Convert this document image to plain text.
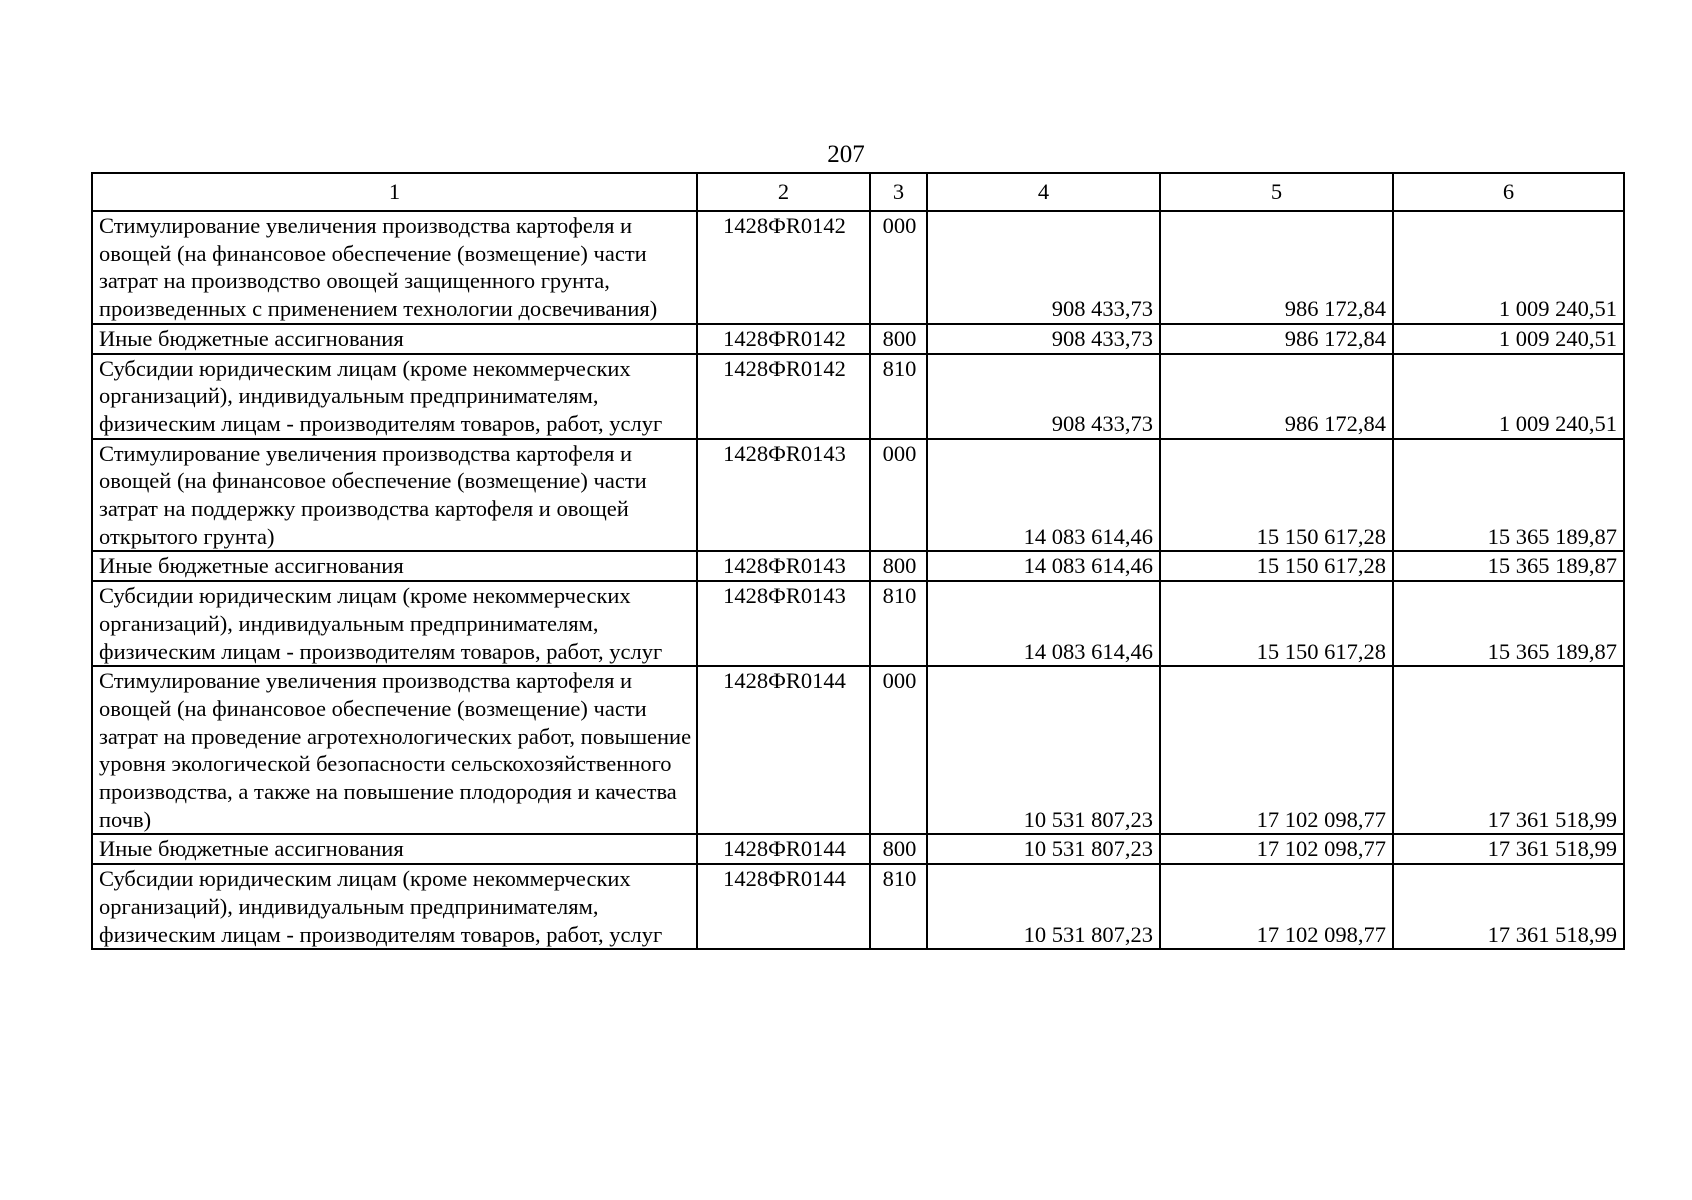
207
1	2	3	4	5	6
Стимулирование увеличения производства картофеля и овощей (на финансовое обеспечение (возмещение) части затрат на производство овощей защищенного грунта, произведенных с применением технологии досвечивания)	1428ФR0142	000	908 433,73	986 172,84	1 009 240,51
Иные бюджетные ассигнования	1428ФR0142	800	908 433,73	986 172,84	1 009 240,51
Субсидии юридическим лицам (кроме некоммерческих организаций), индивидуальным предпринимателям, физическим лицам - производителям товаров, работ, услуг	1428ФR0142	810	908 433,73	986 172,84	1 009 240,51
Стимулирование увеличения производства картофеля и овощей (на финансовое обеспечение (возмещение) части затрат на поддержку производства картофеля и овощей открытого грунта)	1428ФR0143	000	14 083 614,46	15 150 617,28	15 365 189,87
Иные бюджетные ассигнования	1428ФR0143	800	14 083 614,46	15 150 617,28	15 365 189,87
Субсидии юридическим лицам (кроме некоммерческих организаций), индивидуальным предпринимателям, физическим лицам - производителям товаров, работ, услуг	1428ФR0143	810	14 083 614,46	15 150 617,28	15 365 189,87
Стимулирование увеличения производства картофеля и овощей (на финансовое обеспечение (возмещение) части затрат на проведение агротехнологических работ, повышение уровня экологической безопасности сельскохозяйственного производства, а также на повышение плодородия и качества почв)	1428ФR0144	000	10 531 807,23	17 102 098,77	17 361 518,99
Иные бюджетные ассигнования	1428ФR0144	800	10 531 807,23	17 102 098,77	17 361 518,99
Субсидии юридическим лицам (кроме некоммерческих организаций), индивидуальным предпринимателям, физическим лицам - производителям товаров, работ, услуг	1428ФR0144	810	10 531 807,23	17 102 098,77	17 361 518,99
